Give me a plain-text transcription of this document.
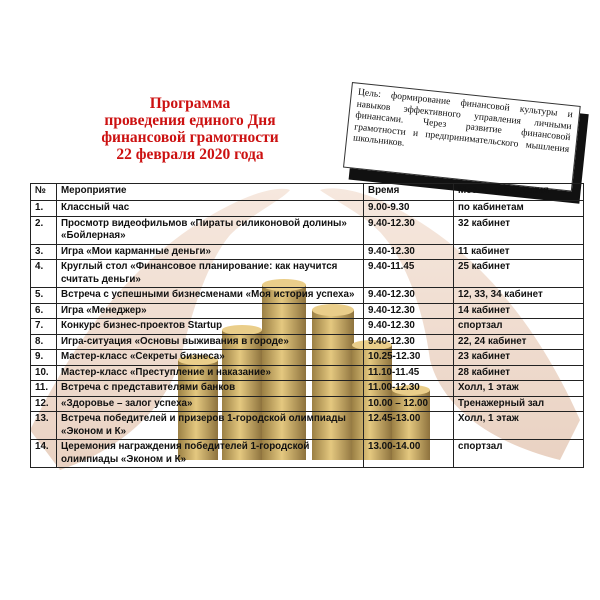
Программа
проведения единого Дня
финансовой грамотности
22 февраля 2020 года
Цель: формирование финансовой культуры и навыков эффективного управления личными финансами. Через развитие финансовой грамотности и предпринимательского мышления школьников.
№	Мероприятие	Время	Место проведения
1.	Классный час	9.00-9.30	по кабинетам
2.	Просмотр видеофильмов «Пираты силиконовой долины» «Бойлерная»	9.40-12.30	32 кабинет
3.	Игра «Мои карманные деньги»	9.40-12.30	11 кабинет
4.	Круглый стол «Финансовое планирование: как научится считать деньги»	9.40-11.45	25 кабинет
5.	Встреча с успешными бизнесменами «Моя история успеха»	9.40-12.30	12, 33, 34 кабинет
6.	Игра «Менеджер»	9.40-12.30	14 кабинет
7.	Конкурс бизнес-проектов Startup	9.40-12.30	спортзал
8.	Игра-ситуация «Основы выживания в городе»	9.40-12.30	22, 24 кабинет
9.	Мастер-класс «Секреты бизнеса»	10.25-12.30	23 кабинет
10.	Мастер-класс «Преступление и наказание»	11.10-11.45	28 кабинет
11.	Встреча с представителями банков	11.00-12.30	Холл, 1 этаж
12.	«Здоровье – залог успеха»	10.00 – 12.00	Тренажерный зал
13.	Встреча победителей и призеров 1-городской олимпиады «Эконом и К»	12.45-13.00	Холл, 1 этаж
14.	Церемония награждения победителей 1-городской олимпиады «Эконом и К»	13.00-14.00	спортзал
